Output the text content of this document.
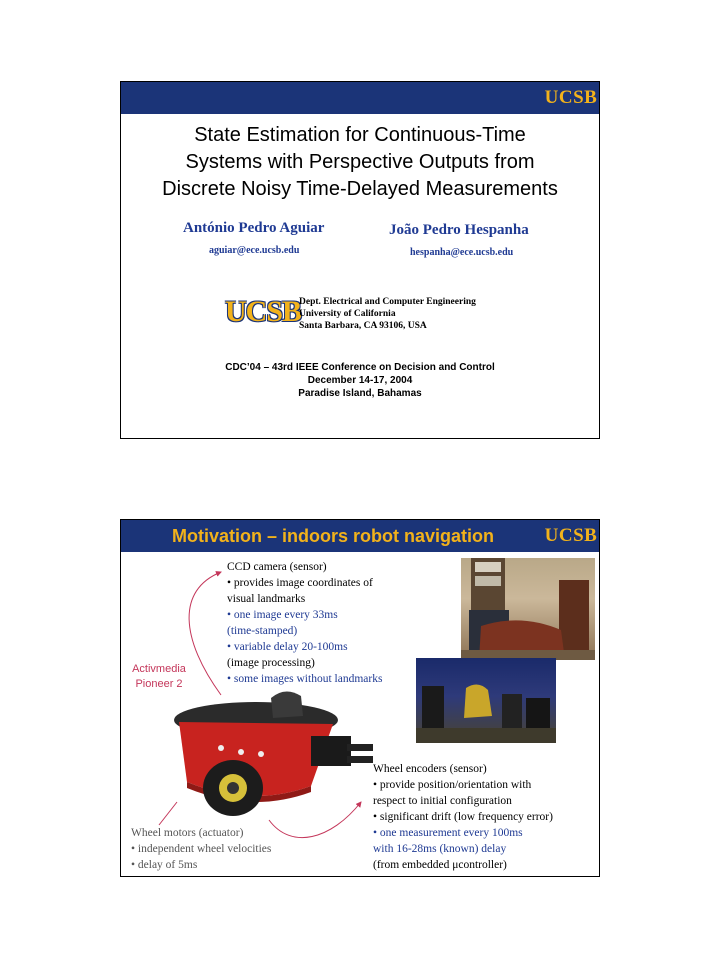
UCSB
State Estimation for Continuous-Time
Systems with Perspective Outputs from
Discrete Noisy Time-Delayed Measurements
António Pedro Aguiar	João Pedro Hespanha
aguiar@ece.ucsb.edu	hespanha@ece.ucsb.edu
UCSB
Dept. Electrical and Computer Engineering
University of California
Santa Barbara, CA 93106, USA
CDC’04 – 43rd IEEE Conference on Decision and Control
December 14-17, 2004
Paradise Island, Bahamas
Motivation – indoors robot navigation	UCSB
Activmedia
Pioneer 2
CCD camera (sensor)
• provides image coordinates of
visual landmarks
• one image every 33ms
(time-stamped)
• variable delay 20-100ms
(image processing)
• some images without landmarks
Wheel encoders (sensor)
• provide position/orientation with
respect to initial configuration
• significant drift (low frequency error)
• one measurement every 100ms
with 16-28ms (known) delay
(from embedded μcontroller)
Wheel motors (actuator)
• independent wheel velocities
• delay of 5ms
